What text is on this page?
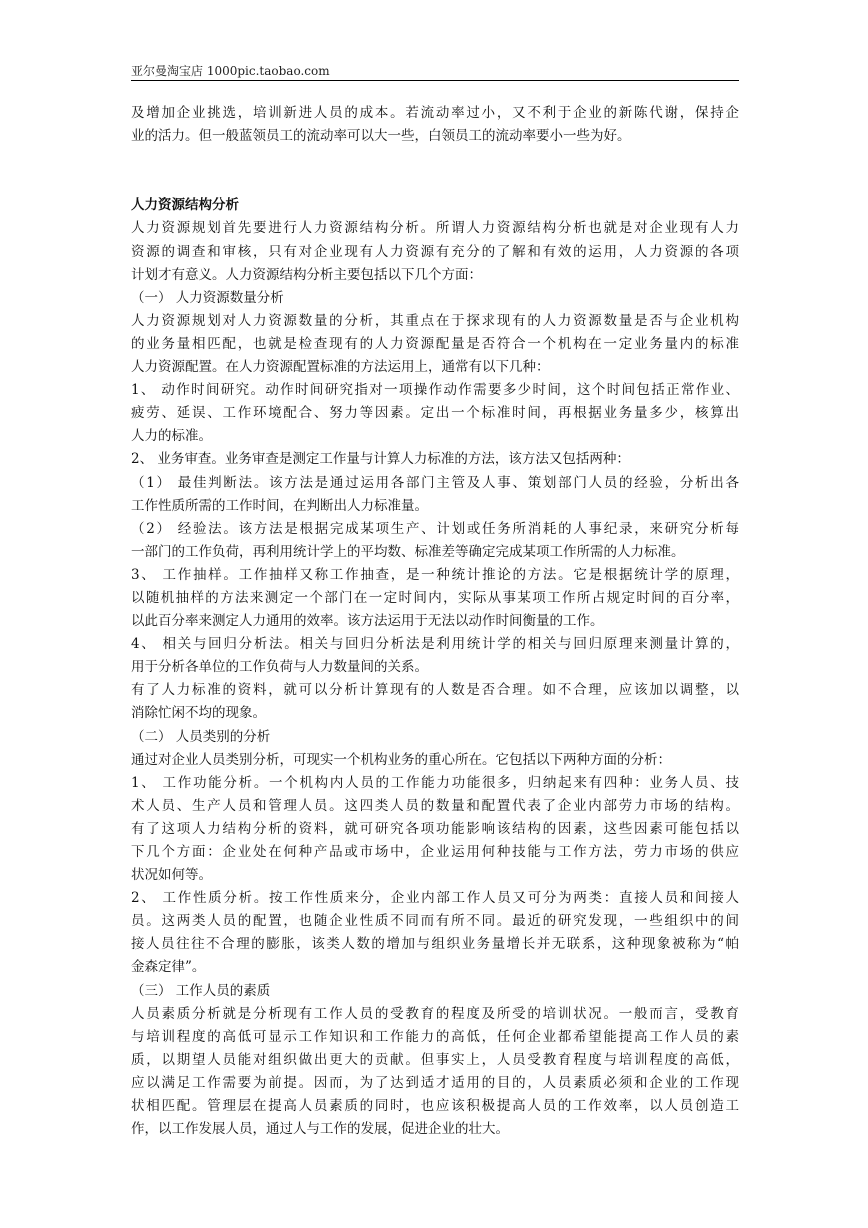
亚尔曼淘宝店 1000pic.taobao.com
及增加企业挑选，培训新进人员的成本。若流动率过小，又不利于企业的新陈代谢，保持企
业的活力。但一般蓝领员工的流动率可以大一些，白领员工的流动率要小一些为好。
人力资源结构分析
人力资源规划首先要进行人力资源结构分析。所谓人力资源结构分析也就是对企业现有人力
资源的调查和审核，只有对企业现有人力资源有充分的了解和有效的运用，人力资源的各项
计划才有意义。人力资源结构分析主要包括以下几个方面：
（一） 人力资源数量分析
人力资源规划对人力资源数量的分析，其重点在于探求现有的人力资源数量是否与企业机构
的业务量相匹配，也就是检查现有的人力资源配量是否符合一个机构在一定业务量内的标准
人力资源配置。在人力资源配置标准的方法运用上，通常有以下几种：
1、 动作时间研究。动作时间研究指对一项操作动作需要多少时间，这个时间包括正常作业、
疲劳、延误、工作环境配合、努力等因素。定出一个标准时间，再根据业务量多少，核算出
人力的标准。
2、 业务审查。业务审查是测定工作量与计算人力标准的方法，该方法又包括两种：
（1） 最佳判断法。该方法是通过运用各部门主管及人事、策划部门人员的经验，分析出各
工作性质所需的工作时间，在判断出人力标准量。
（2） 经验法。该方法是根据完成某项生产、计划或任务所消耗的人事纪录，来研究分析每
一部门的工作负荷，再利用统计学上的平均数、标准差等确定完成某项工作所需的人力标准。
3、 工作抽样。工作抽样又称工作抽查，是一种统计推论的方法。它是根据统计学的原理，
以随机抽样的方法来测定一个部门在一定时间内，实际从事某项工作所占规定时间的百分率，
以此百分率来测定人力通用的效率。该方法运用于无法以动作时间衡量的工作。
4、 相关与回归分析法。相关与回归分析法是利用统计学的相关与回归原理来测量计算的，
用于分析各单位的工作负荷与人力数量间的关系。
有了人力标准的资料，就可以分析计算现有的人数是否合理。如不合理，应该加以调整，以
消除忙闲不均的现象。
（二） 人员类别的分析
通过对企业人员类别分析，可现实一个机构业务的重心所在。它包括以下两种方面的分析：
1、 工作功能分析。一个机构内人员的工作能力功能很多，归纳起来有四种：业务人员、技
术人员、生产人员和管理人员。这四类人员的数量和配置代表了企业内部劳力市场的结构。
有了这项人力结构分析的资料，就可研究各项功能影响该结构的因素，这些因素可能包括以
下几个方面：企业处在何种产品或市场中，企业运用何种技能与工作方法，劳力市场的供应
状况如何等。
2、 工作性质分析。按工作性质来分，企业内部工作人员又可分为两类：直接人员和间接人
员。这两类人员的配置，也随企业性质不同而有所不同。最近的研究发现，一些组织中的间
接人员往往不合理的膨胀，该类人数的增加与组织业务量增长并无联系，这种现象被称为“帕
金森定律”。
（三） 工作人员的素质
人员素质分析就是分析现有工作人员的受教育的程度及所受的培训状况。一般而言，受教育
与培训程度的高低可显示工作知识和工作能力的高低，任何企业都希望能提高工作人员的素
质，以期望人员能对组织做出更大的贡献。但事实上，人员受教育程度与培训程度的高低，
应以满足工作需要为前提。因而，为了达到适才适用的目的，人员素质必须和企业的工作现
状相匹配。管理层在提高人员素质的同时，也应该积极提高人员的工作效率，以人员创造工
作，以工作发展人员，通过人与工作的发展，促进企业的壮大。
